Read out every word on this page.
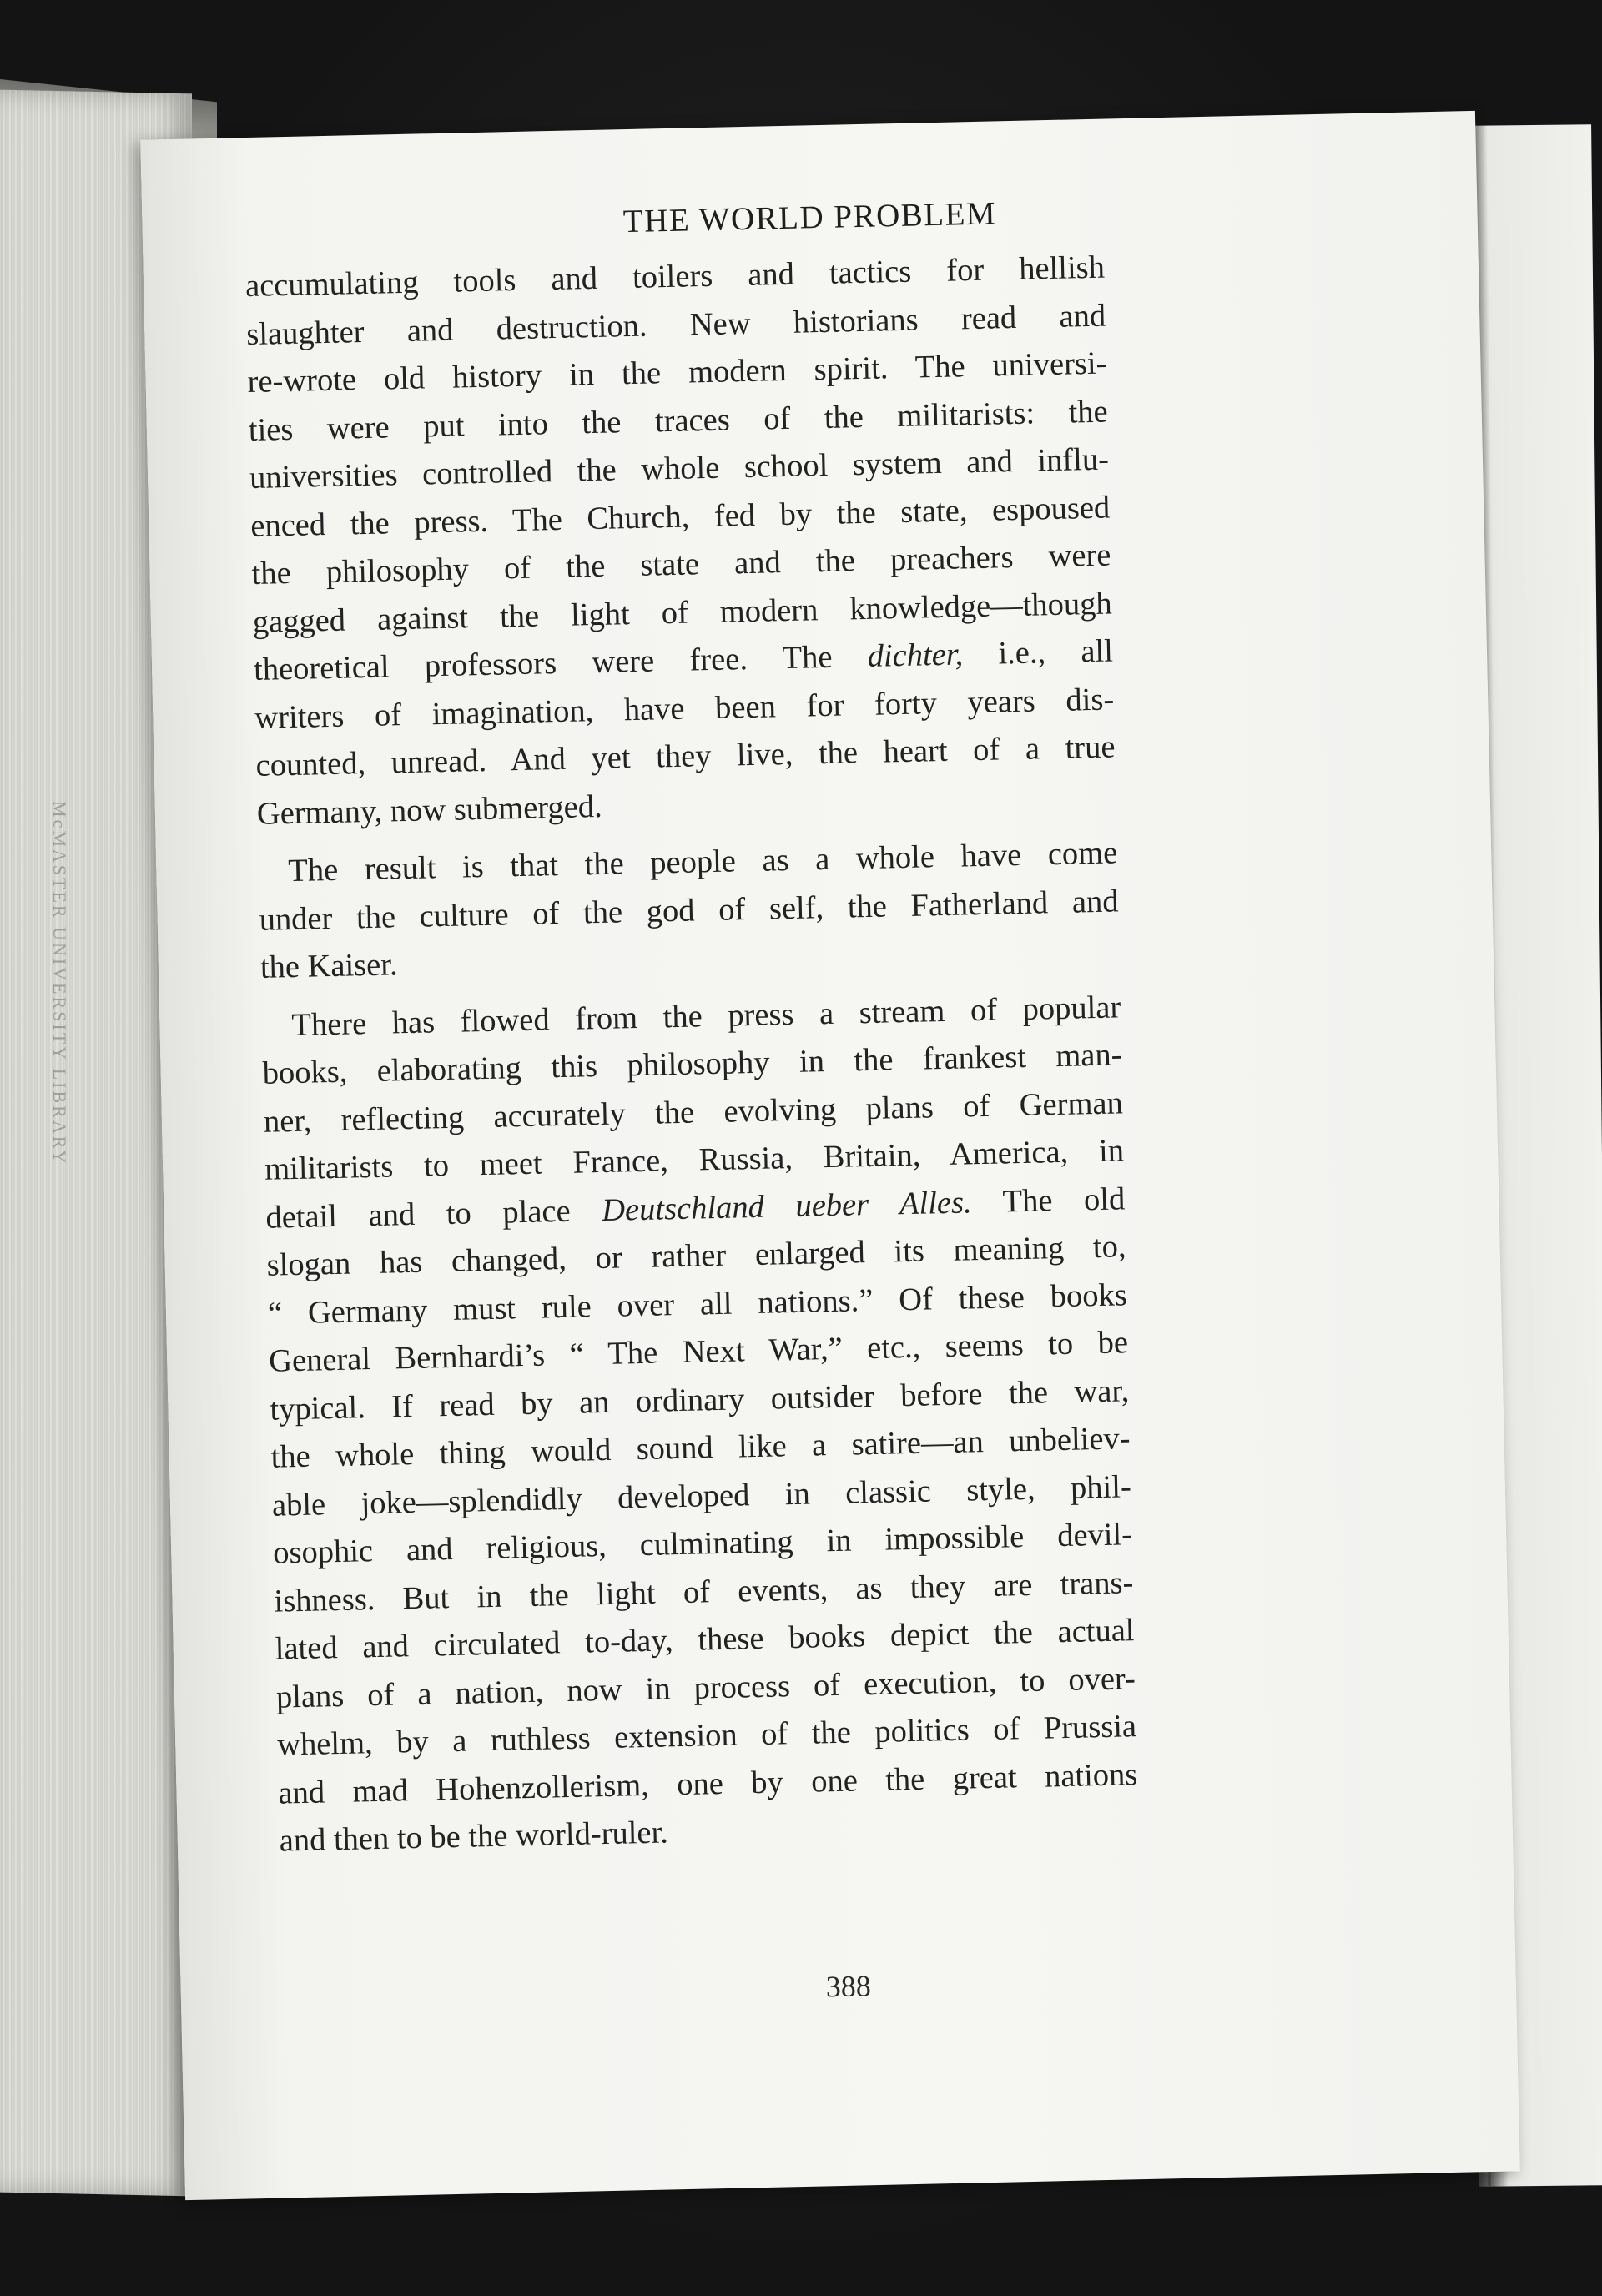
McMASTER UNIVERSITY LIBRARY
THE WORLD PROBLEM
accumulating tools and toilers and tactics for hellish
slaughter and destruction. New historians read and
re-wrote old history in the modern spirit. The universi-
ties were put into the traces of the militarists: the
universities controlled the whole school system and influ-
enced the press. The Church, fed by the state, espoused
the philosophy of the state and the preachers were
gagged against the light of modern knowledge—though
theoretical professors were free. The dichter, i.e., all
writers of imagination, have been for forty years dis-
counted, unread. And yet they live, the heart of a true
Germany, now submerged.
The result is that the people as a whole have come
under the culture of the god of self, the Fatherland and
the Kaiser.
There has flowed from the press a stream of popular
books, elaborating this philosophy in the frankest man-
ner, reflecting accurately the evolving plans of German
militarists to meet France, Russia, Britain, America, in
detail and to place Deutschland ueber Alles. The old
slogan has changed, or rather enlarged its meaning to,
“ Germany must rule over all nations.” Of these books
General Bernhardi’s “ The Next War,” etc., seems to be
typical. If read by an ordinary outsider before the war,
the whole thing would sound like a satire—an unbeliev-
able joke—splendidly developed in classic style, phil-
osophic and religious, culminating in impossible devil-
ishness. But in the light of events, as they are trans-
lated and circulated to-day, these books depict the actual
plans of a nation, now in process of execution, to over-
whelm, by a ruthless extension of the politics of Prussia
and mad Hohenzollerism, one by one the great nations
and then to be the world-ruler.
388
